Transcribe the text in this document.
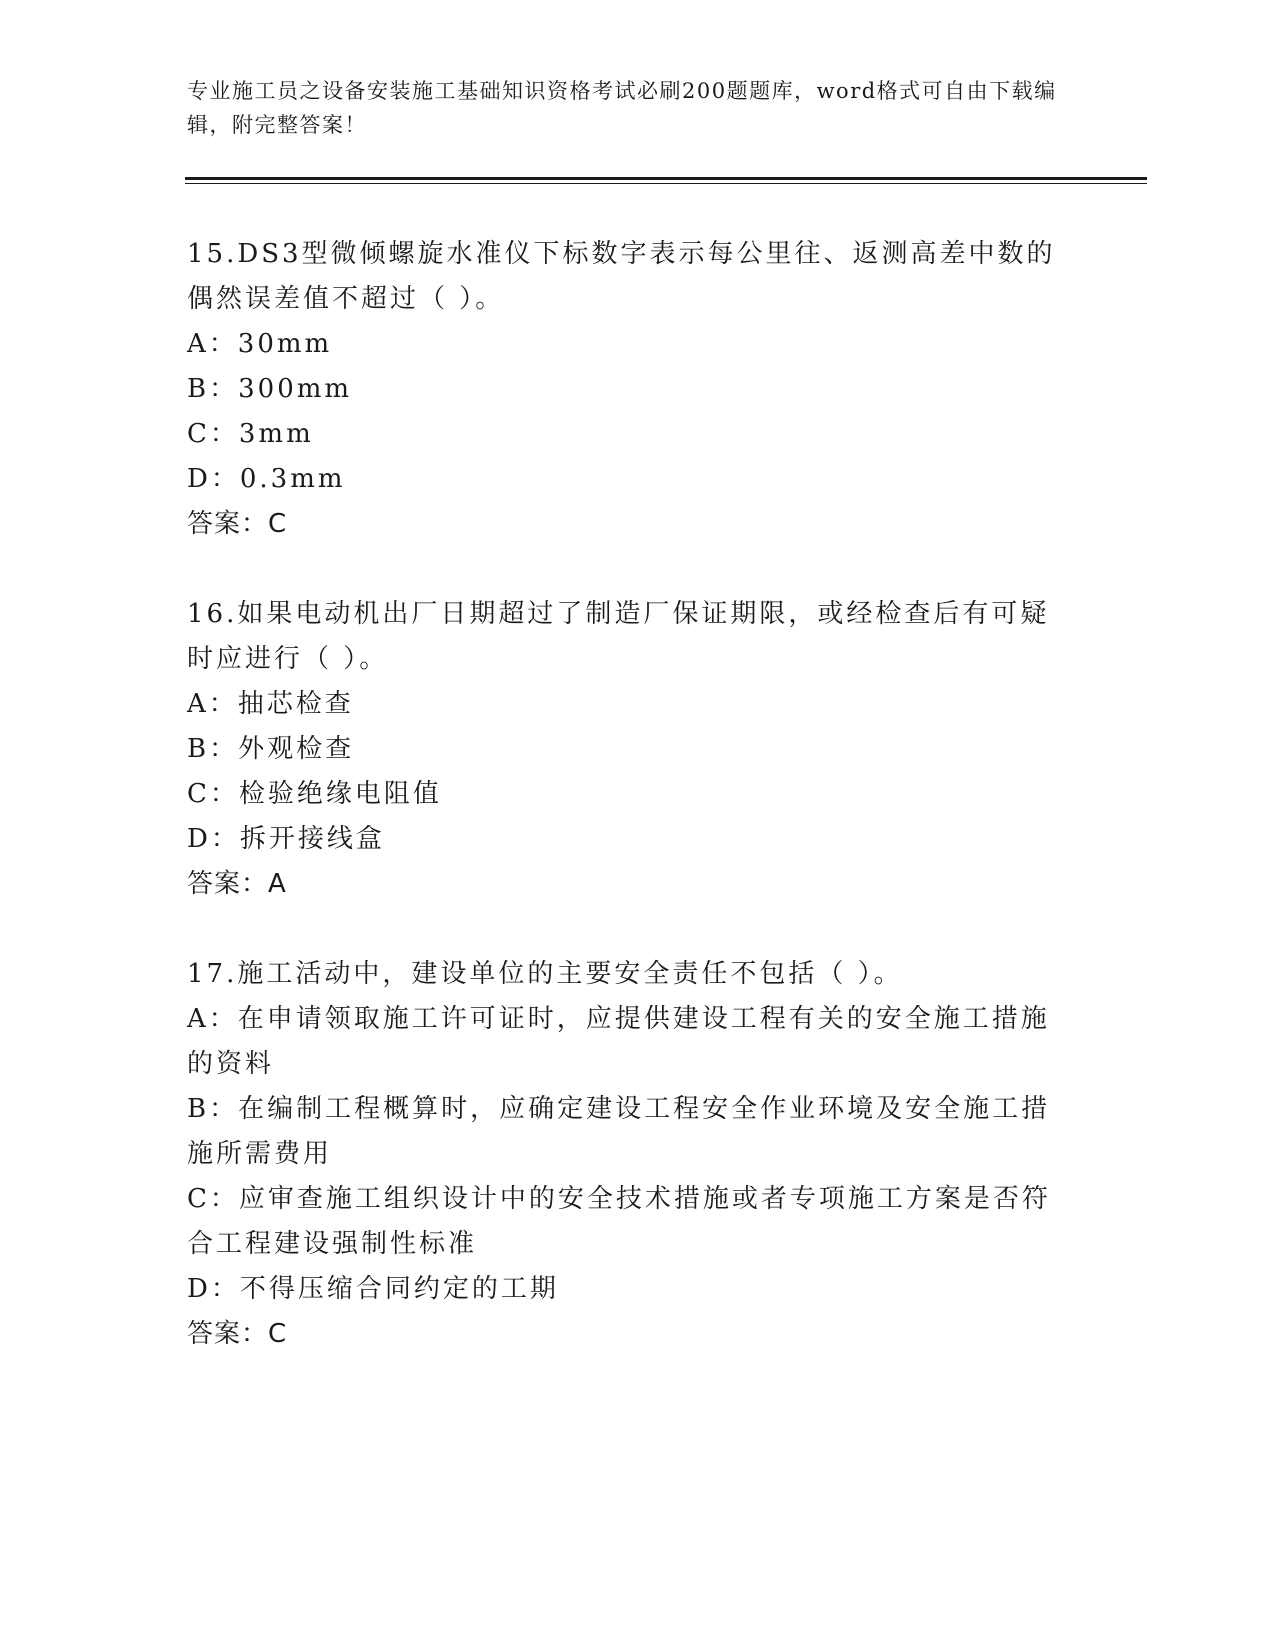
专业施工员之设备安装施工基础知识资格考试必刷200题题库，word格式可自由下载编辑，附完整答案！

15.DS3型微倾螺旋水准仪下标数字表示每公里往、返测高差中数的偶然误差值不超过（ ）。

A：30mm

B：300mm

C：3mm

D：0.3mm

答案：C

16.如果电动机出厂日期超过了制造厂保证期限，或经检查后有可疑时应进行（ ）。

A：抽芯检查

B：外观检查

C：检验绝缘电阻值

D：拆开接线盒

答案：A

17.施工活动中，建设单位的主要安全责任不包括（ ）。

A：在申请领取施工许可证时，应提供建设工程有关的安全施工措施的资料

B：在编制工程概算时，应确定建设工程安全作业环境及安全施工措施所需费用

C：应审查施工组织设计中的安全技术措施或者专项施工方案是否符合工程建设强制性标准

D：不得压缩合同约定的工期

答案：C
